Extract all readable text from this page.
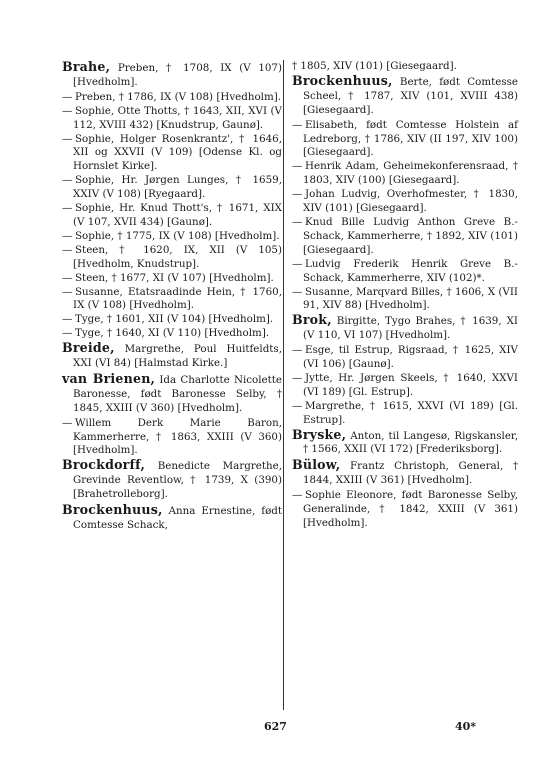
Brahe, Preben, † 1708, IX (V 107) [Hvedholm].

— Preben, † 1786, IX (V 108) [Hvedholm].

— Sophie, Otte Thotts, † 1643, XII, XVI (V 112, XVIII 432) [Knudstrup, Gaunø].

— Sophie, Holger Rosenkrantz', † 1646, XII og XXVII (V 109) [Odense Kl. og Hornslet Kirke].

— Sophie, Hr. Jørgen Lunges, † 1659, XXIV (V 108) [Ryegaard].

— Sophie, Hr. Knud Thott's, † 1671, XIX (V 107, XVII 434) [Gaunø].

— Sophie, † 1775, IX (V 108) [Hvedholm].

— Steen, † 1620, IX, XII (V 105) [Hvedholm, Knudstrup].

— Steen, † 1677, XI (V 107) [Hvedholm].

— Susanne, Etatsraadinde Hein, † 1760, IX (V 108) [Hvedholm].

— Tyge, † 1601, XII (V 104) [Hvedholm].

— Tyge, † 1640, XI (V 110) [Hvedholm].

Breide, Margrethe, Poul Huitfeldts, XXI (VI 84) [Halmstad Kirke.]

van Brienen, Ida Charlotte Nicolette Baronesse, født Baronesse Selby, † 1845, XXIII (V 360) [Hvedholm].

— Willem Derk Marie Baron, Kammerherre, † 1863, XXIII (V 360) [Hvedholm].

Brockdorff, Benedicte Margrethe, Grevinde Reventlow, † 1739, X (390) [Brahetrolleborg].

Brockenhuus, Anna Ernestine, født Comtesse Schack,

† 1805, XIV (101) [Giesegaard].

Brockenhuus, Berte, født Comtesse Scheel, † 1787, XIV (101, XVIII 438) [Giesegaard].

— Elisabeth, født Comtesse Holstein af Ledreborg, † 1786, XIV (II 197, XIV 100) [Giesegaard].

— Henrik Adam, Geheimekonferensraad, † 1803, XIV (100) [Giesegaard].

— Johan Ludvig, Overhofmester, † 1830, XIV (101) [Giesegaard].

— Knud Bille Ludvig Anthon Greve B.-Schack, Kammerherre, † 1892, XIV (101) [Giesegaard].

— Ludvig Frederik Henrik Greve B.-Schack, Kammerherre, XIV (102)*.

— Susanne, Marqvard Billes, † 1606, X (VII 91, XIV 88) [Hvedholm].

Brok, Birgitte, Tygo Brahes, † 1639, XI (V 110, VI 107) [Hvedholm].

— Esge, til Estrup, Rigsraad, † 1625, XIV (VI 106) [Gaunø].

— Jytte, Hr. Jørgen Skeels, † 1640, XXVI (VI 189) [Gl. Estrup].

— Margrethe, † 1615, XXVI (VI 189) [Gl. Estrup].

Bryske, Anton, til Langesø, Rigskansler, † 1566, XXII (VI 172) [Frederiksborg].

Bülow, Frantz Christoph, General, † 1844, XXIII (V 361) [Hvedholm].

— Sophie Eleonore, født Baronesse Selby, Generalinde, † 1842, XXIII (V 361) [Hvedholm].

627	40*
